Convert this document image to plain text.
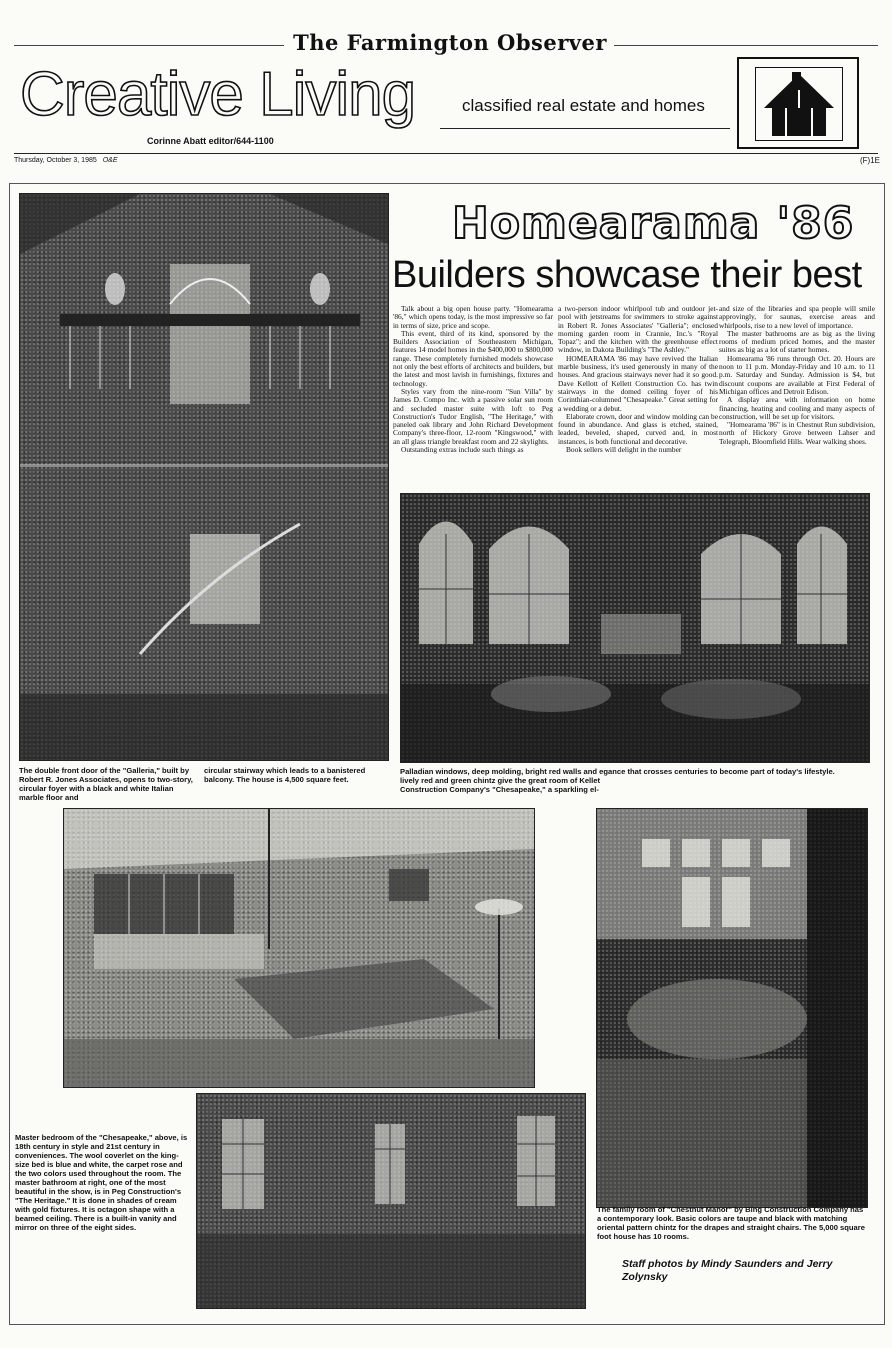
The Farmington Observer
Creative Living	classified real estate and homes
Corinne Abatt editor/644-1100
Thursday, October 3, 1985 O&E	(F)1E
Homearama '86
Builders showcase their best

Talk about a big open house party. "Homearama '86," which opens today, is the most impressive so far in terms of size, price and scope.

This event, third of its kind, sponsored by the Builders Association of Southeastern Michigan, features 14 model homes in the $400,000 to $800,000 range. These completely furnished models showcase not only the best efforts of architects and builders, but the latest and most lavish in furnishings, fixtures and technology.

Styles vary from the nine-room "Sun Villa" by James D. Compo Inc. with a passive solar sun room and secluded master suite with loft to Peg Construction's Tudor English, "The Heritage," with paneled oak library and John Richard Development Company's three-floor, 12-room "Kingswood," with an all glass triangle breakfast room and 22 skylights.

Outstanding extras include such things as

a two-person indoor whirlpool tub and outdoor jet-pool with jetstreams for swimmers to stroke against in Robert R. Jones Associates' "Galleria"; enclosed morning garden room in Crannie, Inc.'s "Royal Topaz"; and the kitchen with the greenhouse effect window, in Dakota Building's "The Ashley."

HOMEARAMA '86 may have revived the Italian marble business, it's used generously in many of the houses. And gracious stairways never had it so good. Dave Kellott of Kellett Construction Co. has twin stairways in the domed ceiling foyer of his Corinthian-columned "Chesapeake." Great setting for a wedding or a debut.

Elaborate crown, door and window molding can be found in abundance. And glass is etched, stained, leaded, beveled, shaped, curved and, in most instances, is both functional and decorative.

Book sellers will delight in the number

and size of the libraries and spa people will smile approvingly, for saunas, exercise areas and whirlpools, rise to a new level of importance.

The master bathrooms are as big as the living rooms of medium priced homes, and the master suites as big as a lot of starter homes.

Homearama '86 runs through Oct. 20. Hours are noon to 11 p.m. Monday-Friday and 10 a.m. to 11 p.m. Saturday and Sunday. Admission is $4, but discount coupons are available at First Federal of Michigan offices and Detroit Edison.

A display area with information on home financing, heating and cooling and many aspects of construction, will be set up for visitors.

"Homearama '86" is in Chestnut Run subdivision, north of Hickory Grove between Lahser and Telegraph, Bloomfield Hills. Wear walking shoes.

The double front door of the "Galleria," built by Robert R. Jones Associates, opens to two-story, circular foyer with a black and white Italian marble floor and
circular stairway which leads to a banistered balcony. The house is 4,500 square feet.
Palladian windows, deep molding, bright red walls and egance that crosses centuries to become part of today's lifestyle.
lively red and green chintz give the great room of Kellet
Construction Company's "Chesapeake," a sparkling el-
Master bedroom of the "Chesapeake," above, is 18th century in style and 21st century in conveniences. The wool coverlet on the king-size bed is blue and white, the carpet rose and the two colors used throughout the room. The master bathroom at right, one of the most beautiful in the show, is in Peg Construction's "The Heritage." It is done in shades of cream with gold fixtures. It is octagon shape with a beamed ceiling. There is a built-in vanity and mirror on three of the eight sides.
The family room of "Chestnut Manor" by Bing Construction Company has a contemporary look. Basic colors are taupe and black with matching oriental pattern chintz for the drapes and straight chairs. The 5,000 square foot house has 10 rooms.
Staff photos by Mindy Saunders and Jerry Zolynsky
